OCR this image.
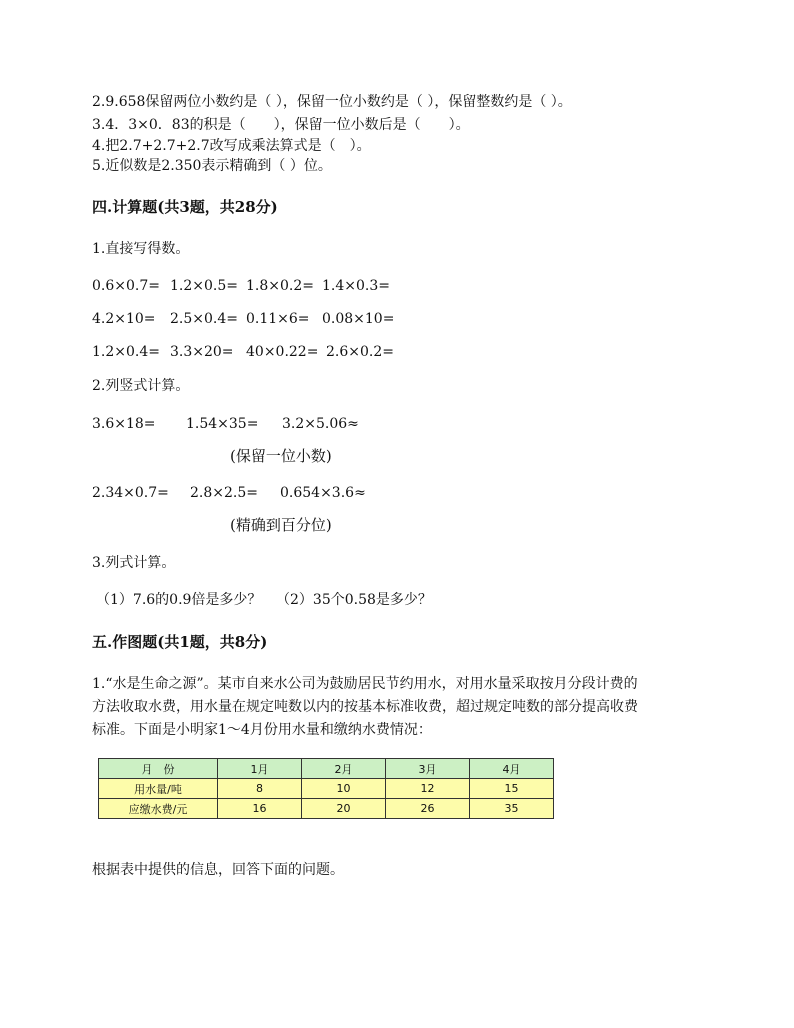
2.9.658保留两位小数约是（ ），保留一位小数约是（ ），保留整数约是（ ）。
3.4．3×0．83的积是（　　），保留一位小数后是（　　）。
4.把2.7+2.7+2.7改写成乘法算式是（　）。
5.近似数是2.350表示精确到（ ）位。
四.计算题(共3题，共28分)
1.直接写得数。
0.6×0.7= 1.2×0.5= 1.8×0.2= 1.4×0.3=
4.2×10= 2.5×0.4= 0.11×6= 0.08×10=
1.2×0.4= 3.3×20= 40×0.22= 2.6×0.2=
2.列竖式计算。
3.6×18= 1.54×35= 3.2×5.06≈
(保留一位小数)
2.34×0.7= 2.8×2.5= 0.654×3.6≈
(精确到百分位)
3.列式计算。
（1）7.6的0.9倍是多少？ （2）35个0.58是多少？
五.作图题(共1题，共8分)
1.“水是生命之源”。某市自来水公司为鼓励居民节约用水，对用水量采取按月分段计费的
方法收取水费，用水量在规定吨数以内的按基本标准收费，超过规定吨数的部分提高收费
标准。下面是小明家1～4月份用水量和缴纳水费情况：
月　份	1月	2月	3月	4月
用水量/吨	8	10	12	15
应缴水费/元	16	20	26	35
根据表中提供的信息，回答下面的问题。
